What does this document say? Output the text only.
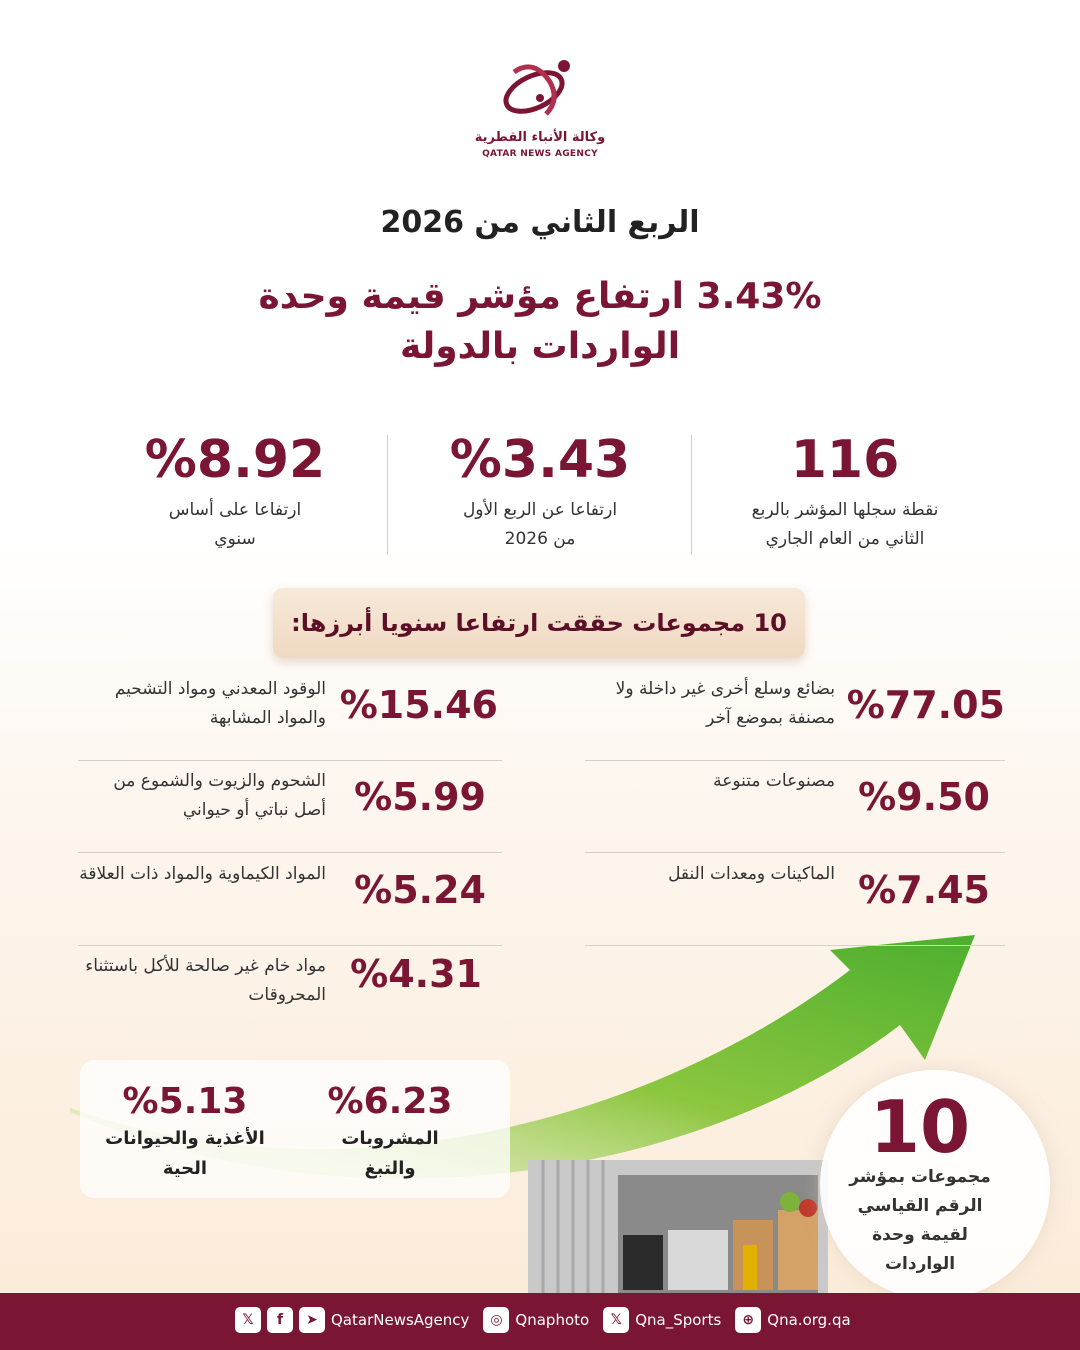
وكالة الأنباء القطرية
QATAR NEWS AGENCY
الربع الثاني من 2026
3.43% ارتفاع مؤشر قيمة وحدة
الواردات بالدولة
116
نقطة سجلها المؤشر بالربع
الثاني من العام الجاري
%3.43
ارتفاعا عن الربع الأول
من 2026
%8.92
ارتفاعا على أساس
سنوي
10 مجموعات حققت ارتفاعا سنويا أبرزها:
%77.05
بضائع وسلع أخرى غير داخلة ولا مصنفة بموضع آخر
%9.50
مصنوعات متنوعة
%7.45
الماكينات ومعدات النقل
%15.46
الوقود المعدني ومواد التشحيم والمواد المشابهة
%5.99
الشحوم والزيوت والشموع من أصل نباتي أو حيواني
%5.24
المواد الكيماوية والمواد ذات العلاقة
%4.31
مواد خام غير صالحة للأكل باستثناء المحروقات
%6.23
المشروبات
والتبغ
%5.13
الأغذية والحيوانات
الحية	10
مجموعات بمؤشر الرقم القياسي لقيمة وحدة الواردات
𝕏	f	➤ QatarNewsAgency	◎ Qnaphoto	𝕏 Qna_Sports	⊕ Qna.org.qa
